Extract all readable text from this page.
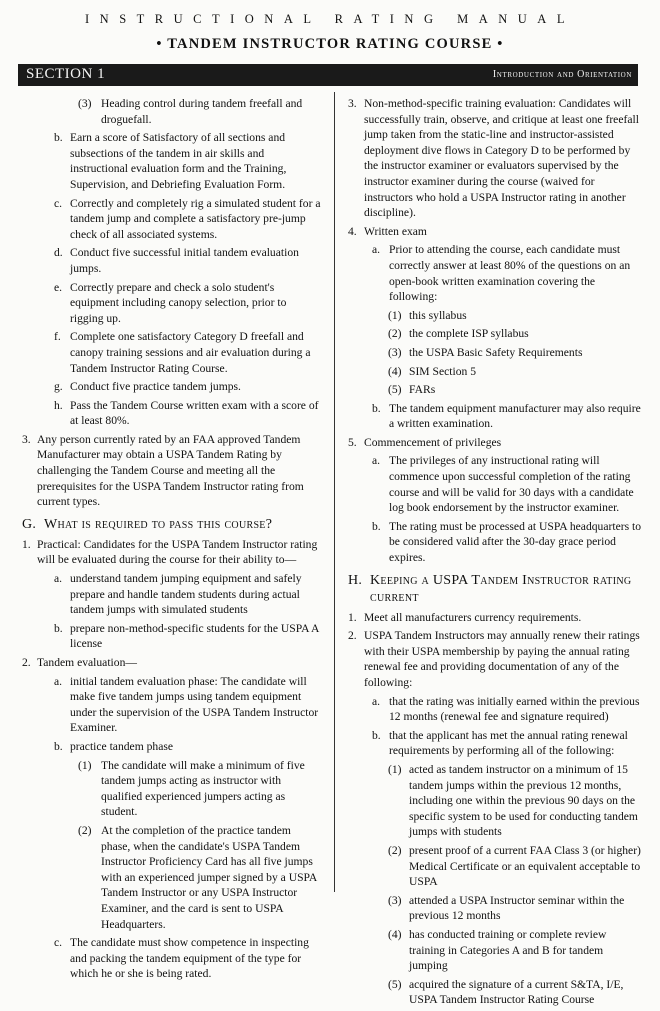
INSTRUCTIONAL RATING MANUAL
• TANDEM INSTRUCTOR RATING COURSE •
SECTION 1	Introduction and Orientation
(3) Heading control during tandem freefall and droguefall.
b. Earn a score of Satisfactory of all sections and subsections of the tandem in air skills and instructional evaluation form and the Training, Supervision, and Debriefing Evaluation Form.
c. Correctly and completely rig a simulated student for a tandem jump and complete a satisfactory pre-jump check of all associated systems.
d. Conduct five successful initial tandem evaluation jumps.
e. Correctly prepare and check a solo student's equipment including canopy selection, prior to rigging up.
f. Complete one satisfactory Category D freefall and canopy training sessions and air evaluation during a Tandem Instructor Rating Course.
g. Conduct five practice tandem jumps.
h. Pass the Tandem Course written exam with a score of at least 80%.
3. Any person currently rated by an FAA approved Tandem Manufacturer may obtain a USPA Tandem Rating by challenging the Tandem Course and meeting all the prerequisites for the USPA Tandem Instructor rating from current types.
G. What is required to pass this course?
1. Practical: Candidates for the USPA Tandem Instructor rating will be evaluated during the course for their ability to—
a. understand tandem jumping equipment and safely prepare and handle tandem students during actual tandem jumps with simulated students
b. prepare non-method-specific students for the USPA A license
2. Tandem evaluation—
a. initial tandem evaluation phase: The candidate will make five tandem jumps using tandem equipment under the supervision of the USPA Tandem Instructor Examiner.
b. practice tandem phase
(1) The candidate will make a minimum of five tandem jumps acting as instructor with qualified experienced jumpers acting as student.
(2) At the completion of the practice tandem phase, when the candidate's USPA Tandem Instructor Proficiency Card has all five jumps with an experienced jumper signed by a USPA Tandem Instructor or any USPA Instructor Examiner, and the card is sent to USPA Headquarters.
c. The candidate must show competence in inspecting and packing the tandem equipment of the type for which he or she is being rated.
3. Non-method-specific training evaluation: Candidates will successfully train, observe, and critique at least one freefall jump taken from the static-line and instructor-assisted deployment dive flows in Category D to be performed by the instructor examiner or evaluators supervised by the instructor examiner during the course (waived for instructors who hold a USPA Instructor rating in another discipline).
4. Written exam
a. Prior to attending the course, each candidate must correctly answer at least 80% of the questions on an open-book written examination covering the following:
(1) this syllabus
(2) the complete ISP syllabus
(3) the USPA Basic Safety Requirements
(4) SIM Section 5
(5) FARs
b. The tandem equipment manufacturer may also require a written examination.
5. Commencement of privileges
a. The privileges of any instructional rating will commence upon successful completion of the rating course and will be valid for 30 days with a candidate log book endorsement by the instructor examiner.
b. The rating must be processed at USPA headquarters to be considered valid after the 30-day grace period expires.
H. Keeping a USPA Tandem Instructor rating current
1. Meet all manufacturers currency requirements.
2. USPA Tandem Instructors may annually renew their ratings with their USPA membership by paying the annual rating renewal fee and providing documentation of any of the following:
a. that the rating was initially earned within the previous 12 months (renewal fee and signature required)
b. that the applicant has met the annual rating renewal requirements by performing all of the following:
(1) acted as tandem instructor on a minimum of 15 tandem jumps within the previous 12 months, including one within the previous 90 days on the specific system to be used for conducting tandem jumps with students
(2) present proof of a current FAA Class 3 (or higher) Medical Certificate or an equivalent acceptable to USPA
(3) attended a USPA Instructor seminar within the previous 12 months
(4) has conducted training or complete review training in Categories A and B for tandem jumping
(5) acquired the signature of a current S&TA, I/E, USPA Tandem Instructor Rating Course
